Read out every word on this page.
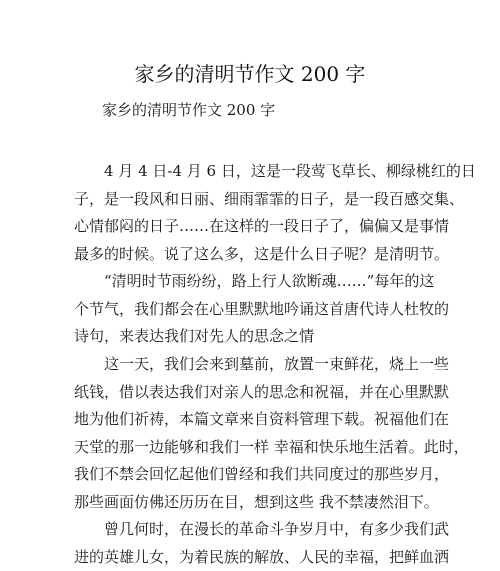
家乡的清明节作文 200 字

家乡的清明节作文 200 字

　　4 月 4 日-4 月 6 日，这是一段莺飞草长、柳绿桃红的日
子，是一段风和日丽、细雨霏霏的日子，是一段百感交集、
心情郁闷的日子……在这样的一段日子了，偏偏又是事情
最多的时候。说了这么多，这是什么日子呢？是清明节。

　　“清明时节雨纷纷，路上行人欲断魂……”每年的这
个节气，我们都会在心里默默地吟诵这首唐代诗人杜牧的
诗句，来表达我们对先人的思念之情

　　这一天，我们会来到墓前，放置一束鲜花，烧上一些
纸钱，借以表达我们对亲人的思念和祝福，并在心里默默
地为他们祈祷，本篇文章来自资料管理下载。祝福他们在
天堂的那一边能够和我们一样 幸福和快乐地生活着。此时，
我们不禁会回忆起他们曾经和我们共同度过的那些岁月，
那些画面仿佛还历历在目，想到这些 我不禁凄然泪下。

　　曾几何时，在漫长的革命斗争岁月中，有多少我们武
进的英雄儿女，为着民族的解放、人民的幸福，把鲜血洒
